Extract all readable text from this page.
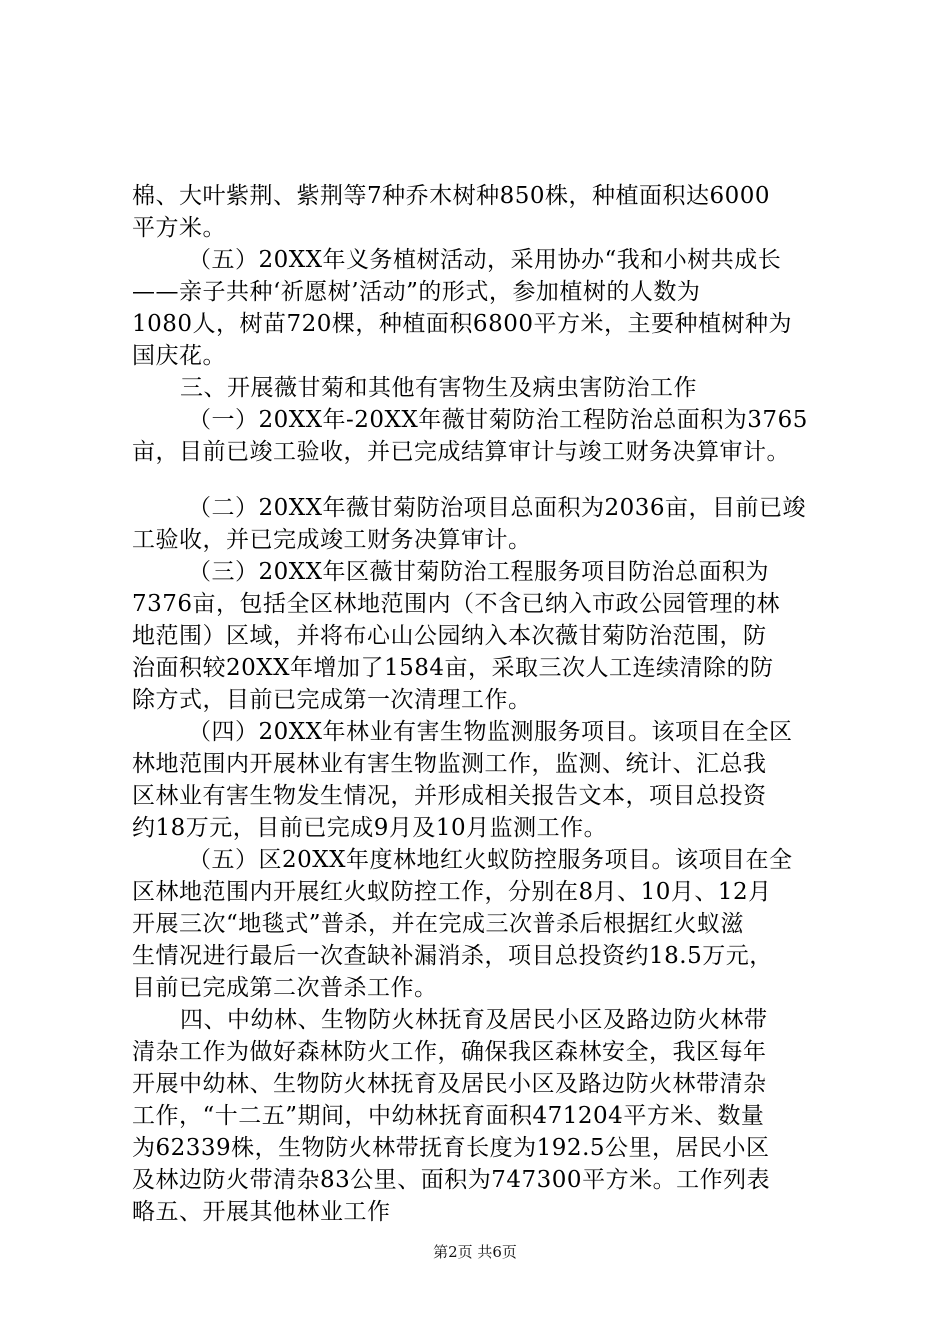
棉、大叶紫荆、紫荆等7种乔木树种850株，种植面积达6000
平方米。
（五）20XX年义务植树活动，采用协办“我和小树共成长
——亲子共种‘祈愿树’活动”的形式，参加植树的人数为
1080人，树苗720棵，种植面积6800平方米，主要种植树种为
国庆花。
三、开展薇甘菊和其他有害物生及病虫害防治工作
（一）20XX年-20XX年薇甘菊防治工程防治总面积为3765
亩，目前已竣工验收，并已完成结算审计与竣工财务决算审计。
（二）20XX年薇甘菊防治项目总面积为2036亩，目前已竣
工验收，并已完成竣工财务决算审计。
（三）20XX年区薇甘菊防治工程服务项目防治总面积为
7376亩，包括全区林地范围内（不含已纳入市政公园管理的林
地范围）区域，并将布心山公园纳入本次薇甘菊防治范围，防
治面积较20XX年增加了1584亩，采取三次人工连续清除的防
除方式，目前已完成第一次清理工作。
（四）20XX年林业有害生物监测服务项目。该项目在全区
林地范围内开展林业有害生物监测工作，监测、统计、汇总我
区林业有害生物发生情况，并形成相关报告文本，项目总投资
约18万元，目前已完成9月及10月监测工作。
（五）区20XX年度林地红火蚁防控服务项目。该项目在全
区林地范围内开展红火蚁防控工作，分别在8月、10月、12月
开展三次“地毯式”普杀，并在完成三次普杀后根据红火蚁滋
生情况进行最后一次查缺补漏消杀，项目总投资约18.5万元，
目前已完成第二次普杀工作。
四、中幼林、生物防火林抚育及居民小区及路边防火林带
清杂工作为做好森林防火工作，确保我区森林安全，我区每年
开展中幼林、生物防火林抚育及居民小区及路边防火林带清杂
工作，“十二五”期间，中幼林抚育面积471204平方米、数量
为62339株，生物防火林带抚育长度为192.5公里，居民小区
及林边防火带清杂83公里、面积为747300平方米。工作列表
略五、开展其他林业工作
第2页 共6页
